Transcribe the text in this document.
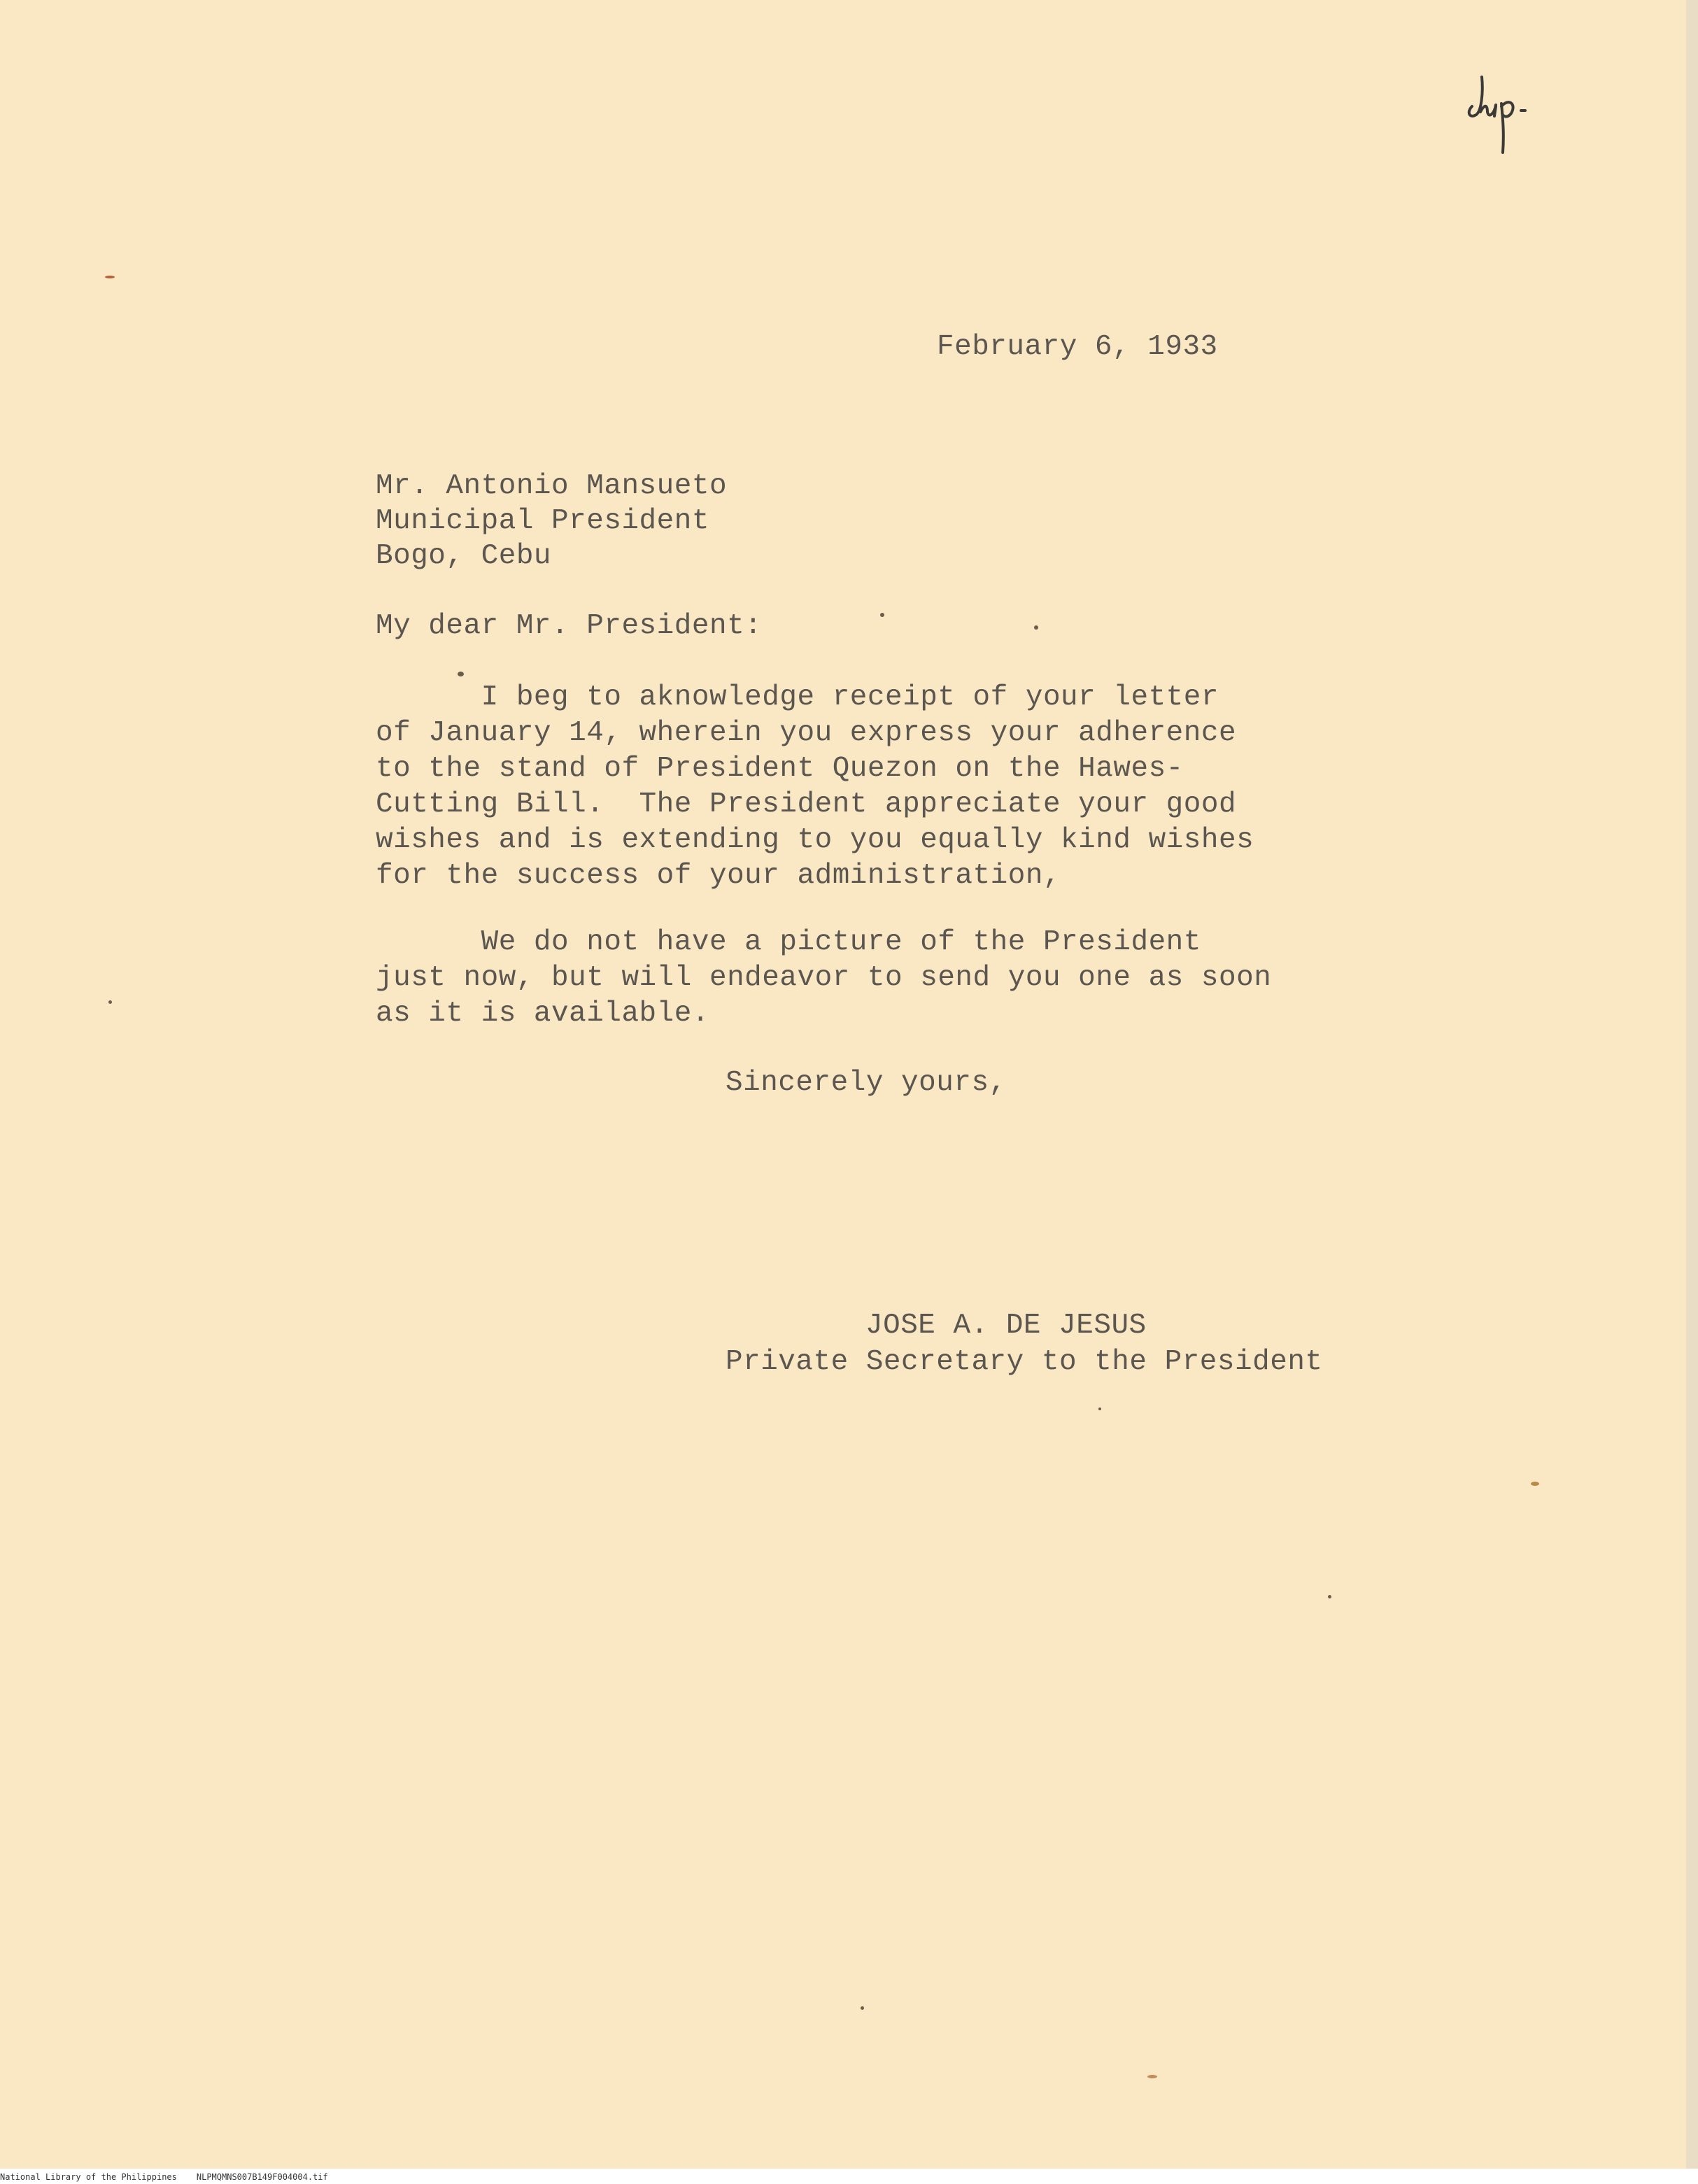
February 6, 1933
Mr. Antonio Mansueto
Municipal President
Bogo, Cebu
My dear Mr. President:
I beg to aknowledge receipt of your letter
of January 14, wherein you express your adherence
to the stand of President Quezon on the Hawes-
Cutting Bill.  The President appreciate your good
wishes and is extending to you equally kind wishes
for the success of your administration,
We do not have a picture of the President
just now, but will endeavor to send you one as soon
as it is available.
Sincerely yours,
JOSE A. DE JESUS
Private Secretary to the President
National Library of the Philippines NLPMQMNS007B149F004004.tif
